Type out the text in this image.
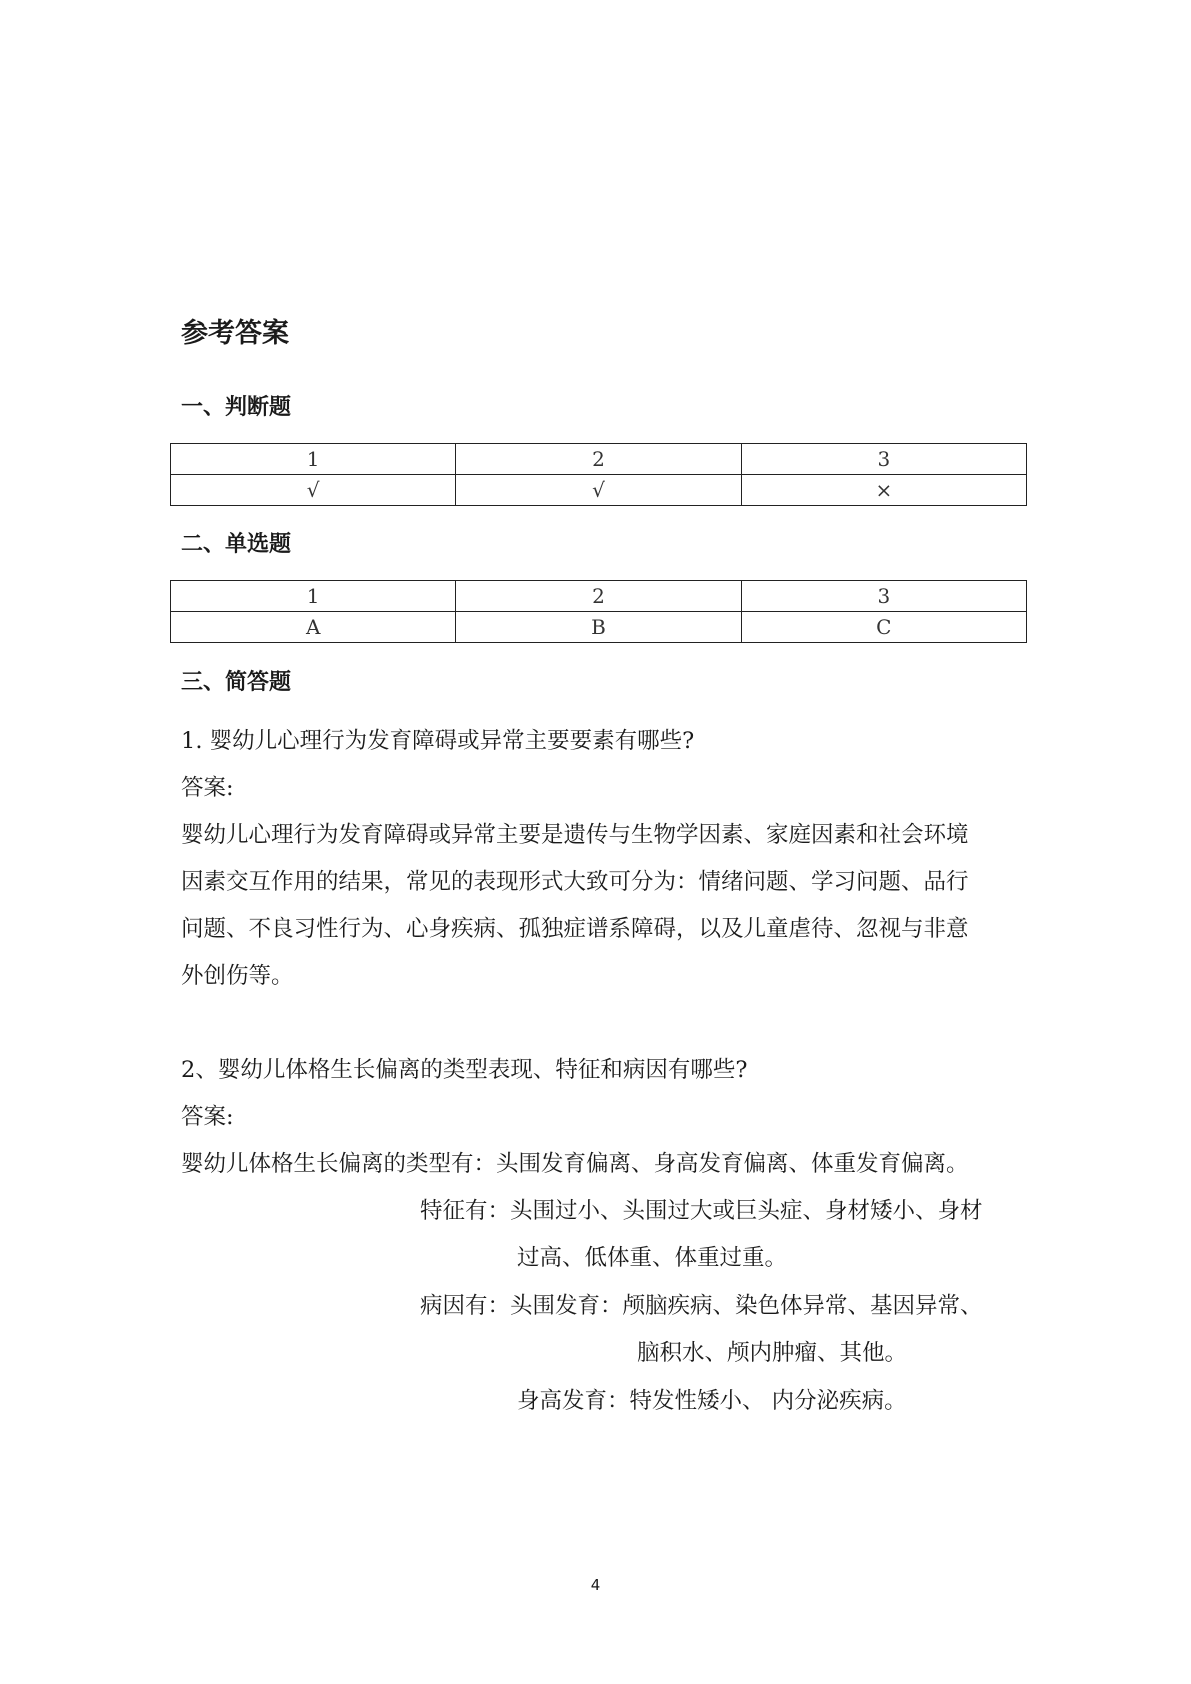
参考答案
一、判断题
1	2	3
√	√	×
二、单选题
1	2	3
A	B	C
三、简答题

1. 婴幼儿心理行为发育障碍或异常主要要素有哪些?

答案:

婴幼儿心理行为发育障碍或异常主要是遗传与生物学因素、家庭因素和社会环境

因素交互作用的结果，常见的表现形式大致可分为：情绪问题、学习问题、品行

问题、不良习性行为、心身疾病、孤独症谱系障碍，以及儿童虐待、忽视与非意

外创伤等。

2、婴幼儿体格生长偏离的类型表现、特征和病因有哪些?

答案:

婴幼儿体格生长偏离的类型有：头围发育偏离、身高发育偏离、体重发育偏离。

特征有：头围过小、头围过大或巨头症、身材矮小、身材

过高、低体重、体重过重。

病因有：头围发育：颅脑疾病、染色体异常、基因异常、

脑积水、颅内肿瘤、其他。

身高发育：特发性矮小、 内分泌疾病。

4
